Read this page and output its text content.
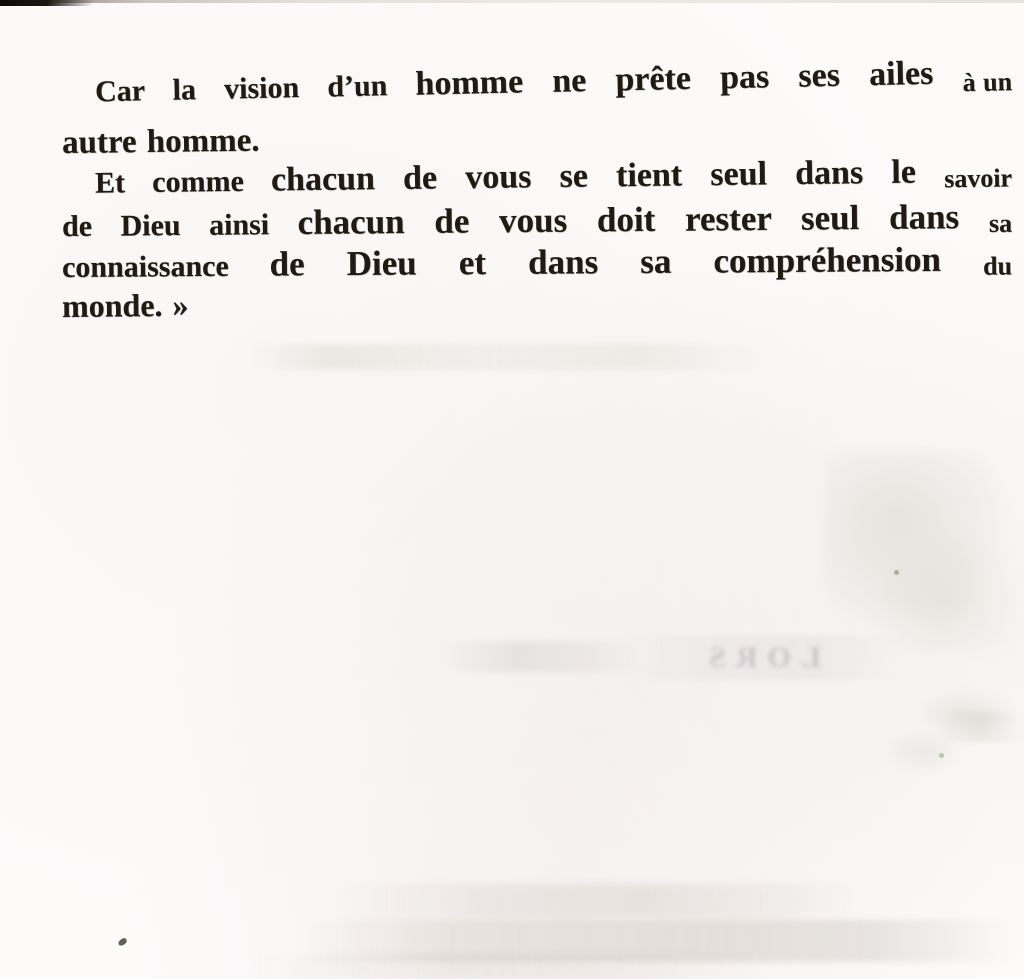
Car la vision d’un homme ne prête pas ses ailes à un
autre homme.
Et comme chacun de vous se tient seul dans le savoir
de Dieu ainsi chacun de vous doit rester seul dans sa
connaissance de Dieu et dans sa compréhension du
monde. »
LORS
